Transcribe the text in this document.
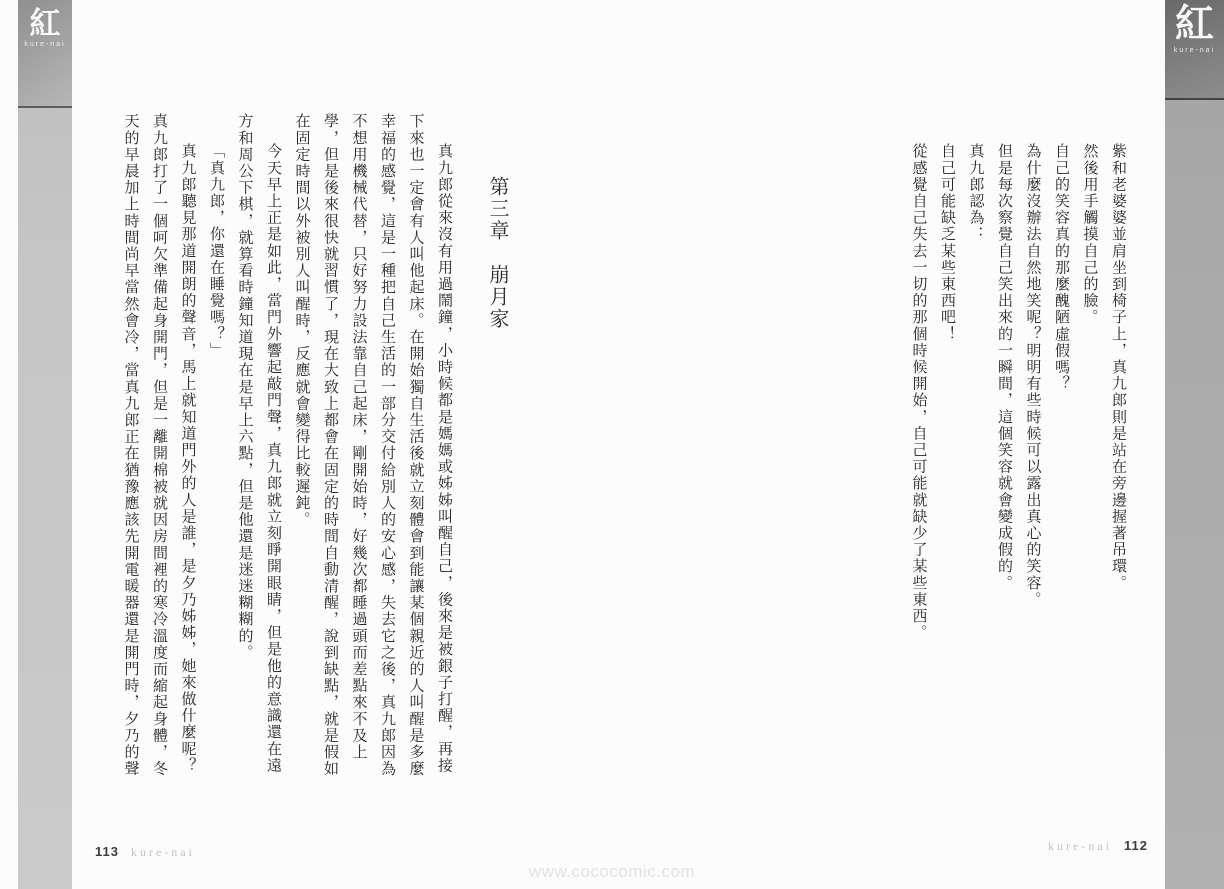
紅
kure-nai	紅
kure-nai

紫和老婆婆並肩坐到椅子上，真九郎則是站在旁邊握著吊環。

然後用手觸摸自己的臉。

自己的笑容真的那麼醜陋虛假嗎？

為什麼沒辦法自然地笑呢？明明有些時候可以露出真心的笑容。

但是每次察覺自己笑出來的一瞬間，這個笑容就會變成假的。

真九郎認為：

自己可能缺乏某些東西吧！

從感覺自己失去一切的那個時候開始，自己可能就缺少了某些東西。

第三章　崩月家

真九郎從來沒有用過鬧鐘，小時候都是媽媽或姊姊叫醒自己，後來是被銀子打醒，再接下來也一定會有人叫他起床。在開始獨自生活後就立刻體會到能讓某個親近的人叫醒是多麼幸福的感覺，這是一種把自己生活的一部分交付給別人的安心感，失去它之後，真九郎因為不想用機械代替，只好努力設法靠自己起床，剛開始時，好幾次都睡過頭而差點來不及上學，但是後來很快就習慣了，現在大致上都會在固定的時間自動清醒，說到缺點，就是假如在固定時間以外被別人叫醒時，反應就會變得比較遲鈍。

今天早上正是如此，當門外響起敲門聲，真九郎就立刻睜開眼睛，但是他的意識還在遠方和周公下棋，就算看時鐘知道現在是早上六點，但是他還是迷迷糊糊的。

「真九郎，你還在睡覺嗎？」

真九郎聽見那道開朗的聲音，馬上就知道門外的人是誰，是夕乃姊姊，她來做什麼呢？

真九郎打了一個呵欠準備起身開門，但是一離開棉被就因房間裡的寒冷溫度而縮起身體，冬天的早晨加上時間尚早當然會冷，當真九郎正在猶豫應該先開電暖器還是開門時，夕乃的聲

113 kure-nai	kure-nai 112
www.cococomic.com
